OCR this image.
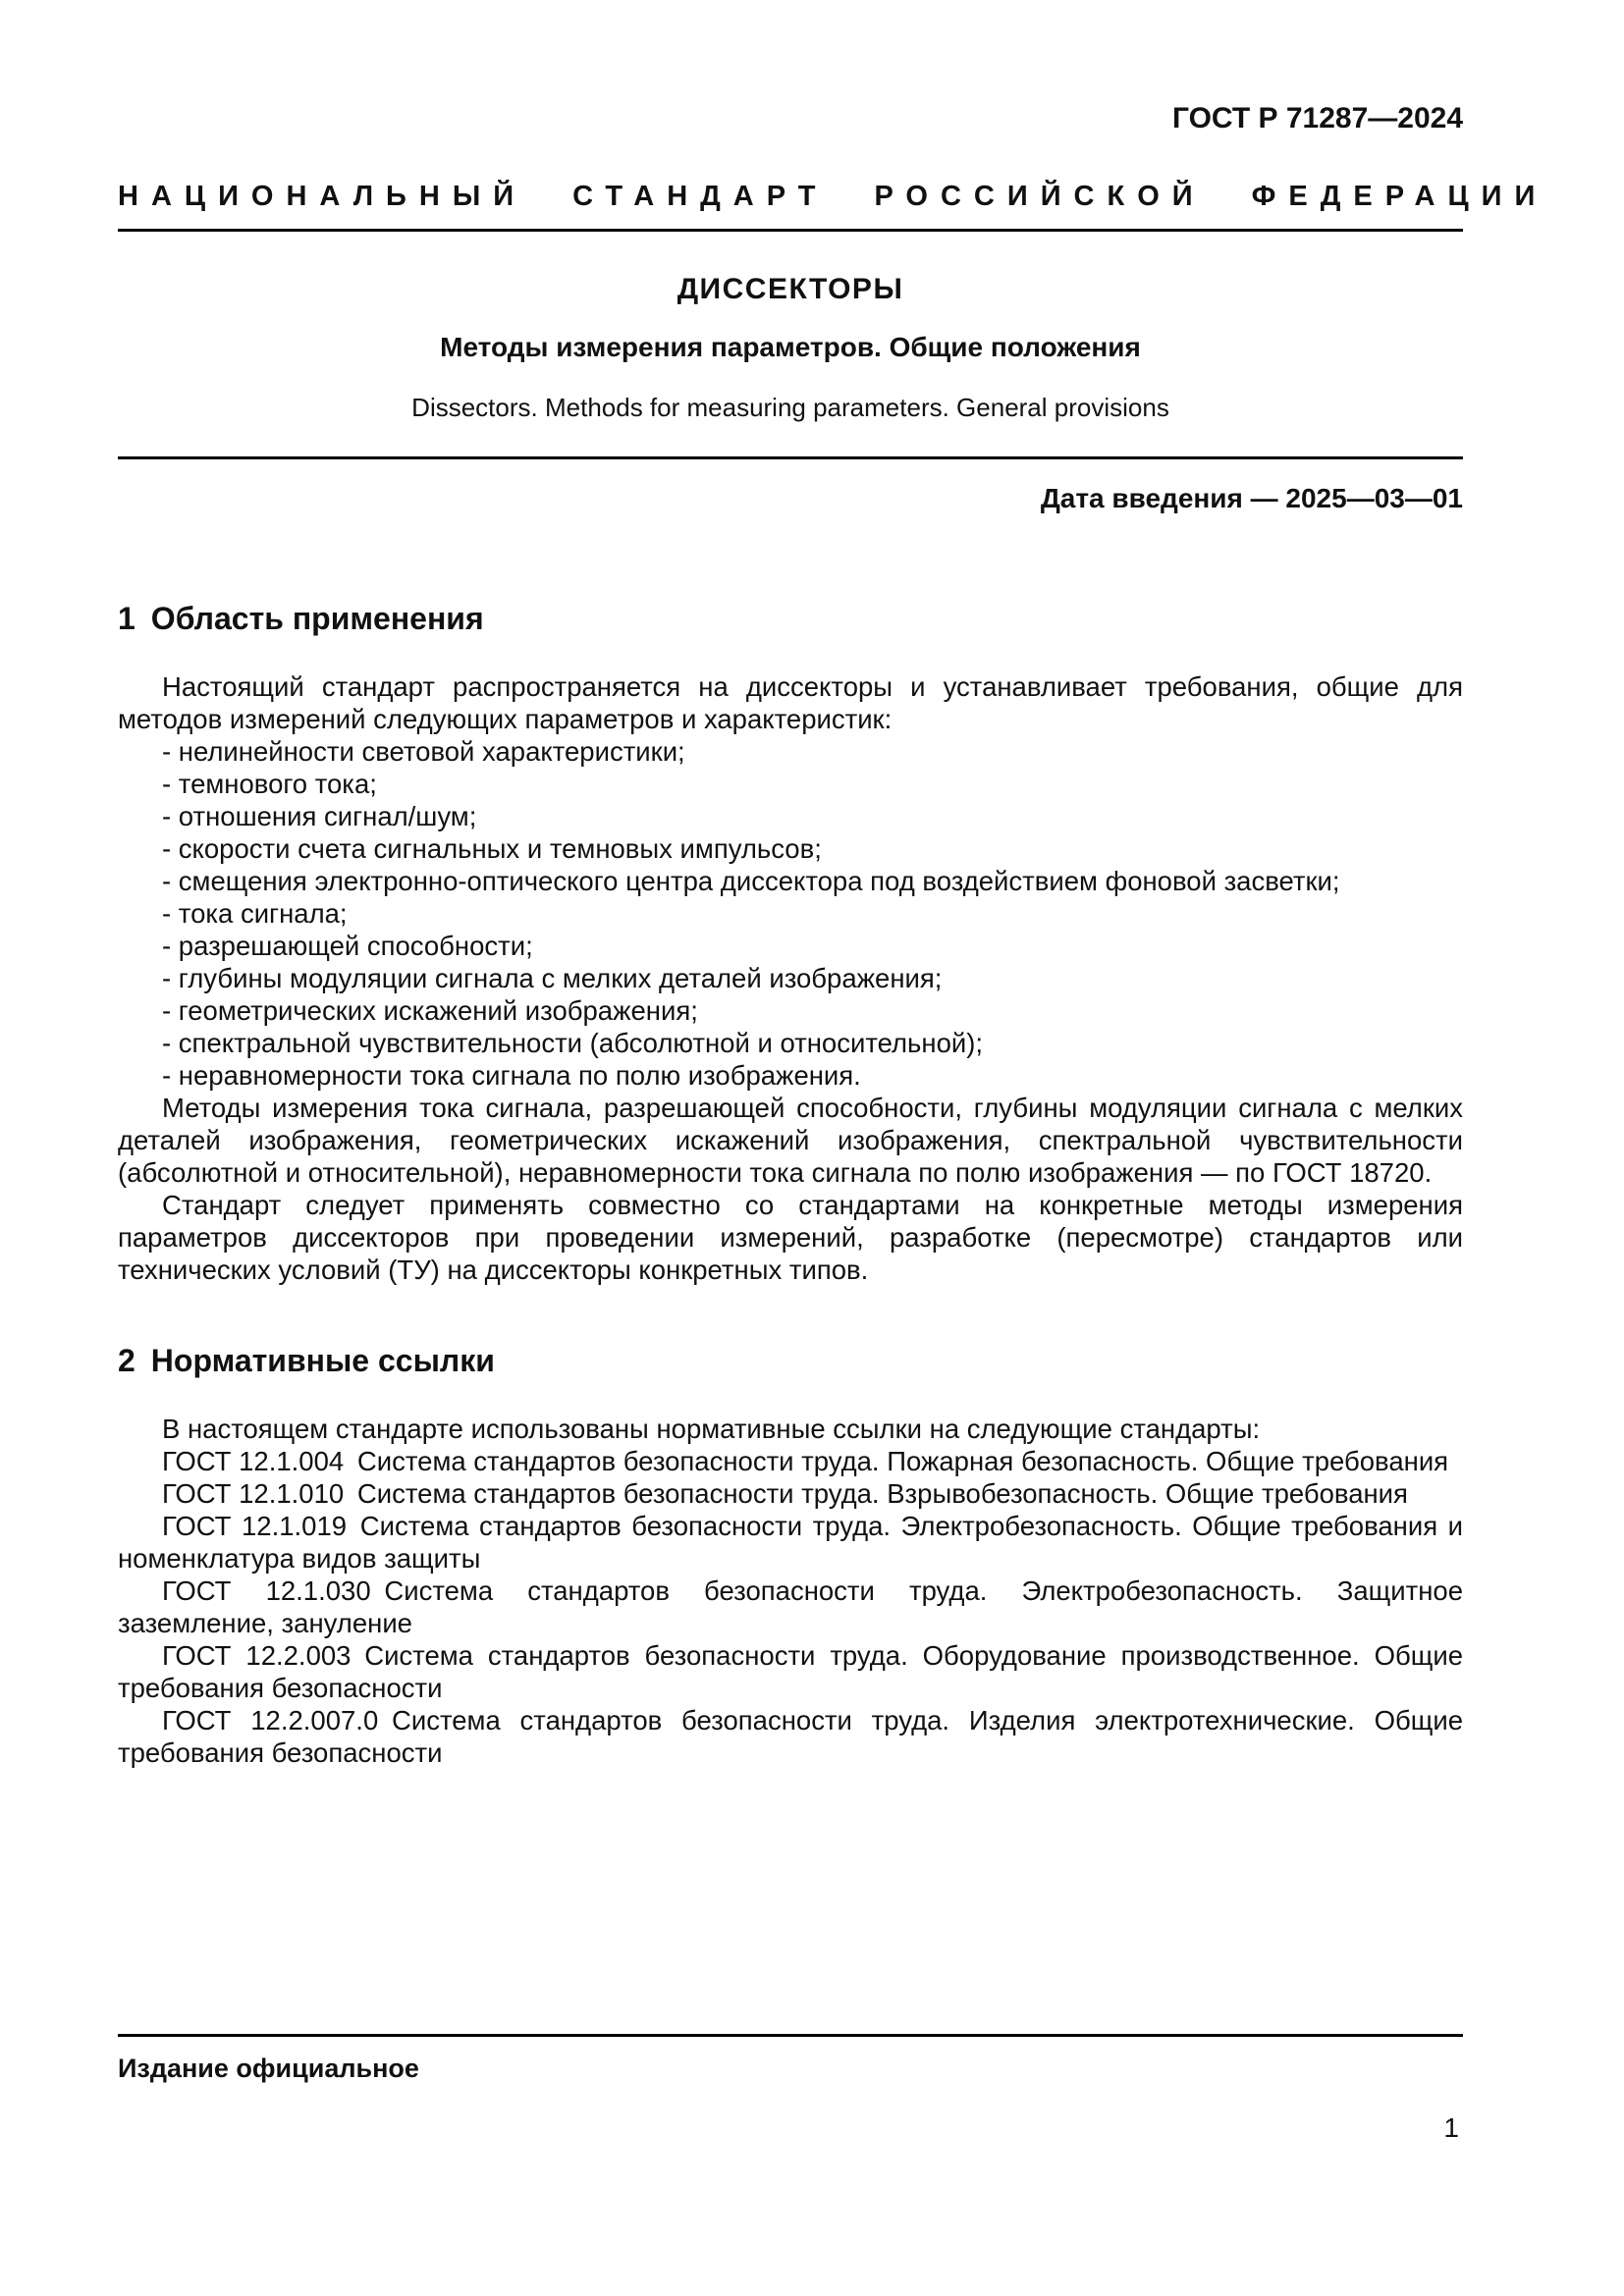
ГОСТ Р 71287—2024
НАЦИОНАЛЬНЫЙ СТАНДАРТ РОССИЙСКОЙ ФЕДЕРАЦИИ
ДИССЕКТОРЫ
Методы измерения параметров. Общие положения
Dissectors. Methods for measuring parameters. General provisions
Дата введения — 2025—03—01
1 Область применения
Настоящий стандарт распространяется на диссекторы и устанавливает требования, общие для методов измерений следующих параметров и характеристик:
- нелинейности световой характеристики;
- темнового тока;
- отношения сигнал/шум;
- скорости счета сигнальных и темновых импульсов;
- смещения электронно-оптического центра диссектора под воздействием фоновой засветки;
- тока сигнала;
- разрешающей способности;
- глубины модуляции сигнала с мелких деталей изображения;
- геометрических искажений изображения;
- спектральной чувствительности (абсолютной и относительной);
- неравномерности тока сигнала по полю изображения.
Методы измерения тока сигнала, разрешающей способности, глубины модуляции сигнала с мелких деталей изображения, геометрических искажений изображения, спектральной чувствительности (абсолютной и относительной), неравномерности тока сигнала по полю изображения — по ГОСТ 18720.
Стандарт следует применять совместно со стандартами на конкретные методы измерения параметров диссекторов при проведении измерений, разработке (пересмотре) стандартов или технических условий (ТУ) на диссекторы конкретных типов.
2 Нормативные ссылки
В настоящем стандарте использованы нормативные ссылки на следующие стандарты:
ГОСТ 12.1.004 Система стандартов безопасности труда. Пожарная безопасность. Общие требования
ГОСТ 12.1.010 Система стандартов безопасности труда. Взрывобезопасность. Общие требования
ГОСТ 12.1.019 Система стандартов безопасности труда. Электробезопасность. Общие требования и номенклатура видов защиты
ГОСТ 12.1.030 Система стандартов безопасности труда. Электробезопасность. Защитное заземление, зануление
ГОСТ 12.2.003 Система стандартов безопасности труда. Оборудование производственное. Общие требования безопасности
ГОСТ 12.2.007.0 Система стандартов безопасности труда. Изделия электротехнические. Общие требования безопасности
Издание официальное
1
